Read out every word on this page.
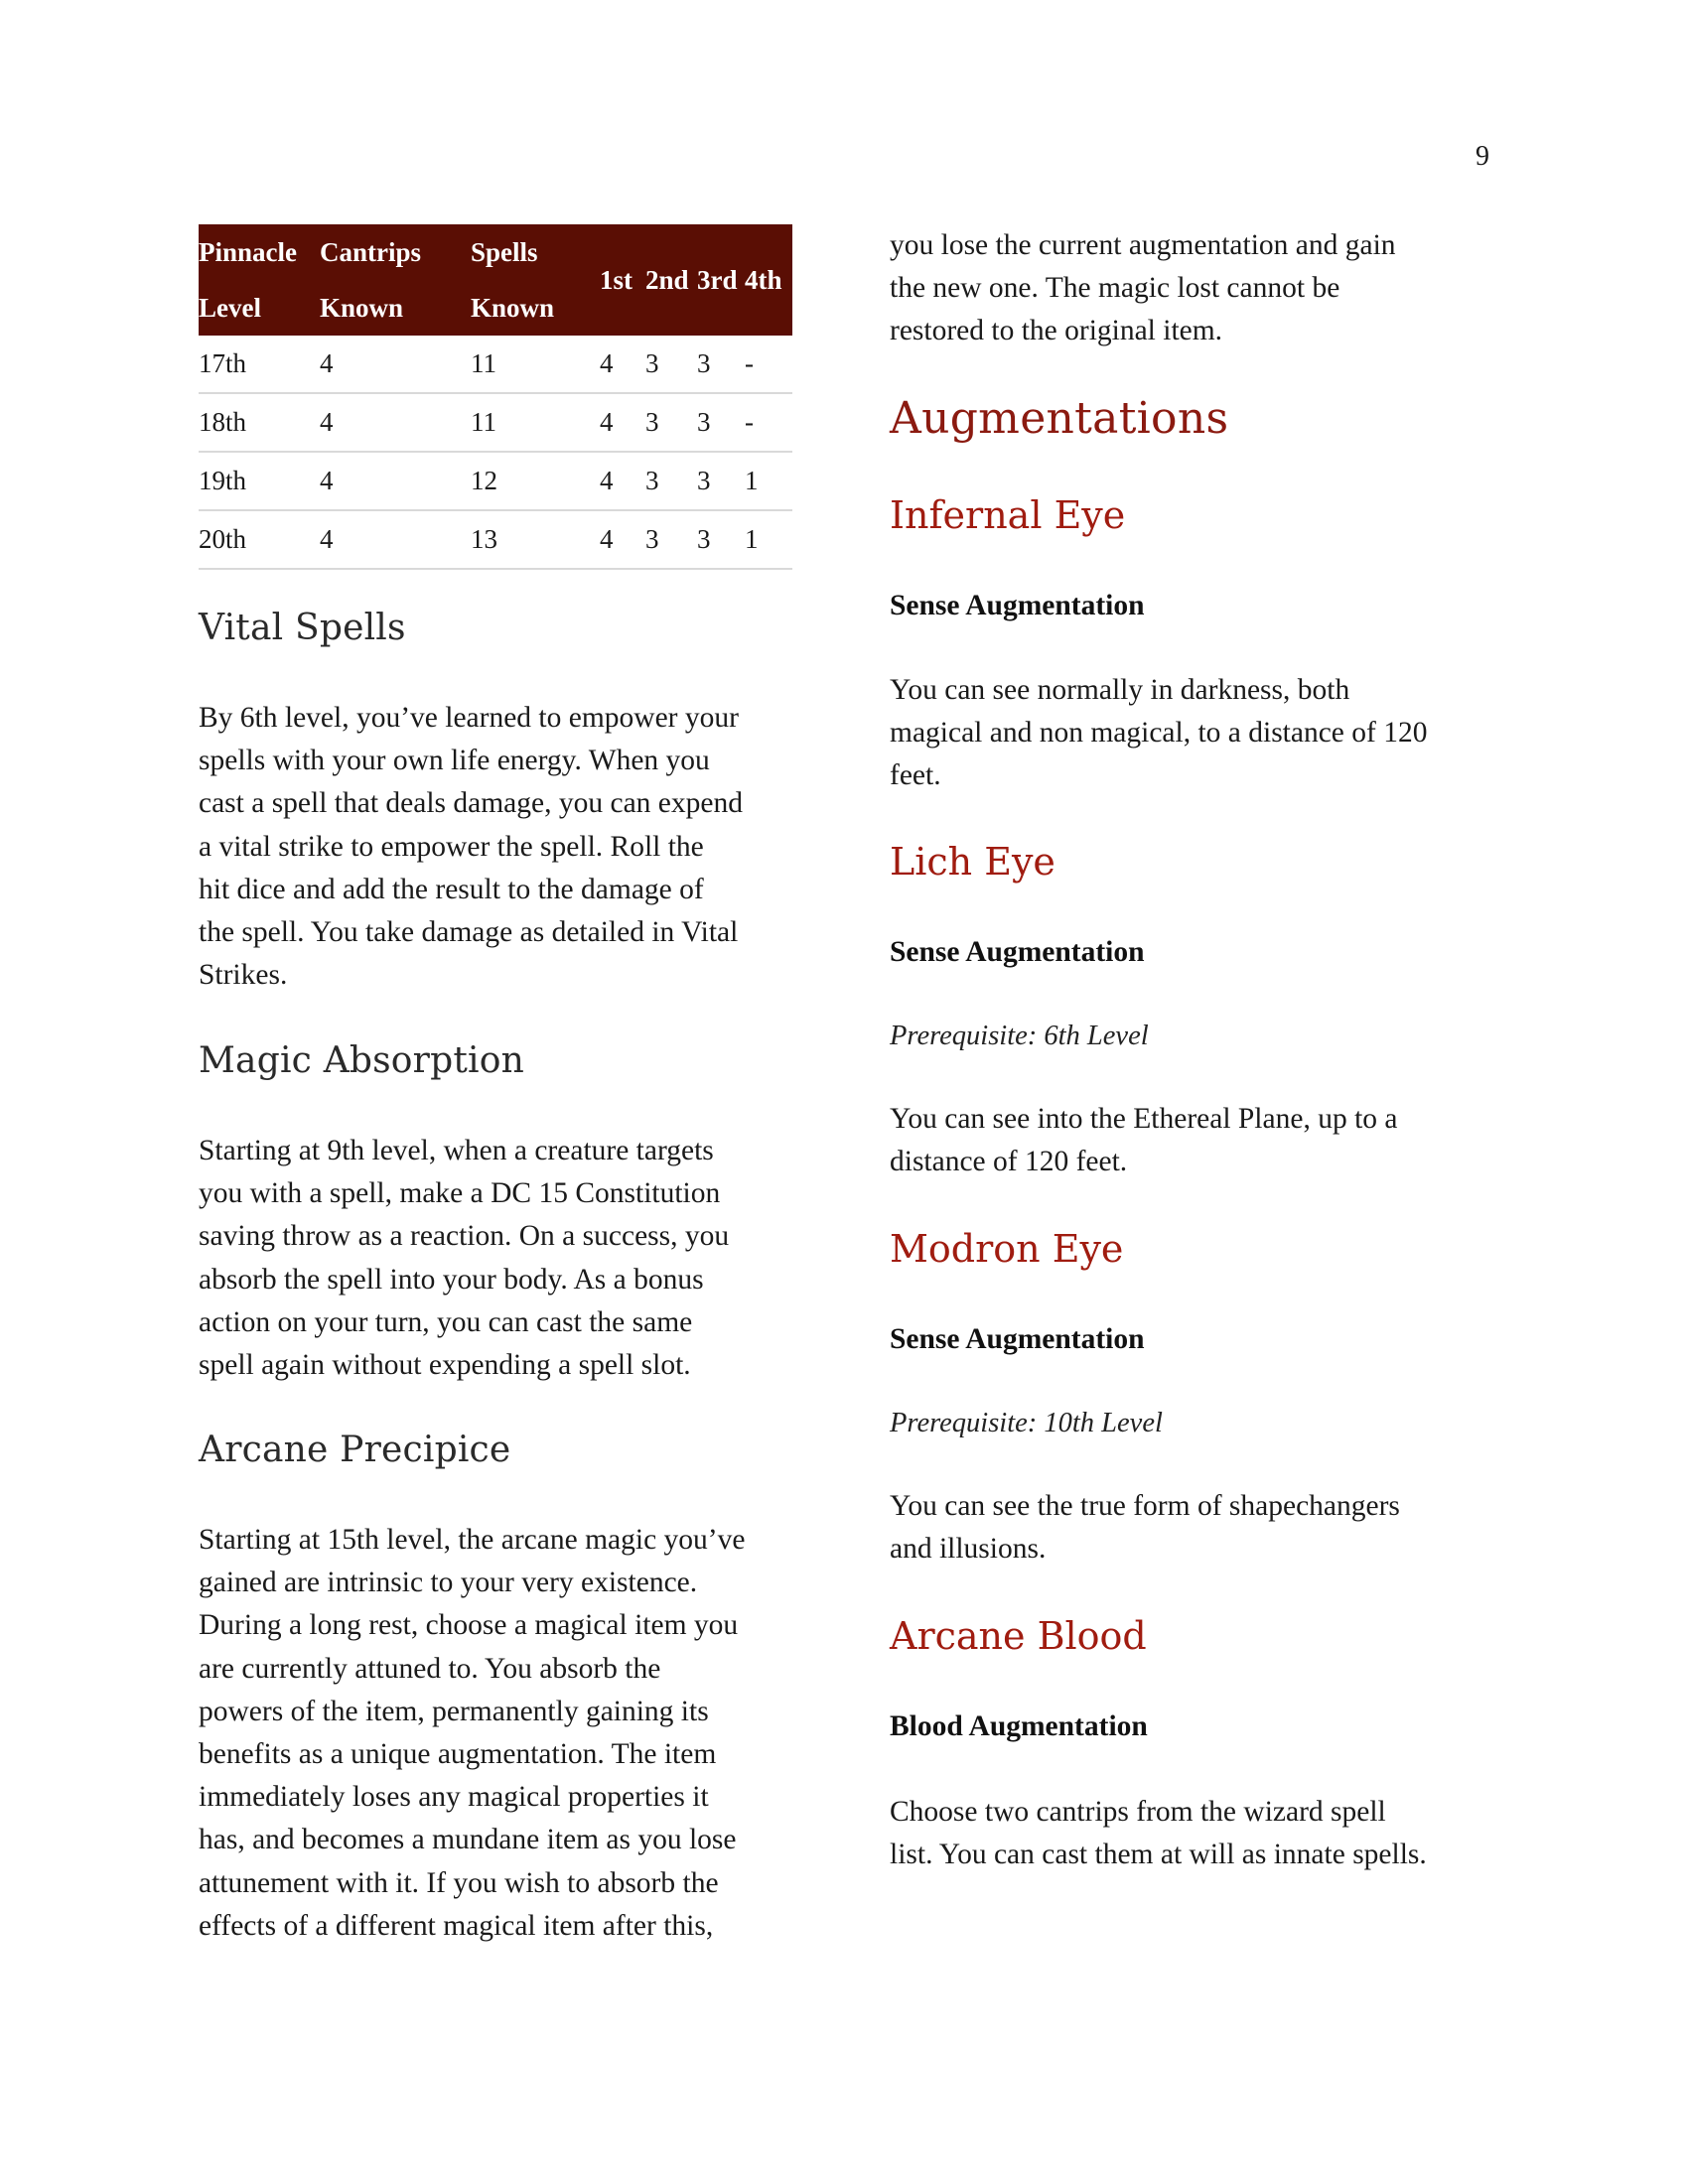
9
Pinnacle	Cantrips	Spells	1st	2nd	3rd	4th
Level	Known	Known				
17th	4	11	4	3	3	-
18th	4	11	4	3	3	-
19th	4	12	4	3	3	1
20th	4	13	4	3	3	1
Vital Spells
By 6th level, you’ve learned to empower your
spells with your own life energy. When you
cast a spell that deals damage, you can expend
a vital strike to empower the spell. Roll the
hit dice and add the result to the damage of
the spell. You take damage as detailed in Vital
Strikes.
Magic Absorption
Starting at 9th level, when a creature targets
you with a spell, make a DC 15 Constitution
saving throw as a reaction. On a success, you
absorb the spell into your body. As a bonus
action on your turn, you can cast the same
spell again without expending a spell slot.
Arcane Precipice
Starting at 15th level, the arcane magic you’ve
gained are intrinsic to your very existence.
During a long rest, choose a magical item you
are currently attuned to. You absorb the
powers of the item, permanently gaining its
benefits as a unique augmentation. The item
immediately loses any magical properties it
has, and becomes a mundane item as you lose
attunement with it. If you wish to absorb the
effects of a different magical item after this,
you lose the current augmentation and gain
the new one. The magic lost cannot be
restored to the original item.
Augmentations
Infernal Eye
Sense Augmentation
You can see normally in darkness, both
magical and non magical, to a distance of 120
feet.
Lich Eye
Sense Augmentation
Prerequisite: 6th Level
You can see into the Ethereal Plane, up to a
distance of 120 feet.
Modron Eye
Sense Augmentation
Prerequisite: 10th Level
You can see the true form of shapechangers
and illusions.
Arcane Blood
Blood Augmentation
Choose two cantrips from the wizard spell
list. You can cast them at will as innate spells.
